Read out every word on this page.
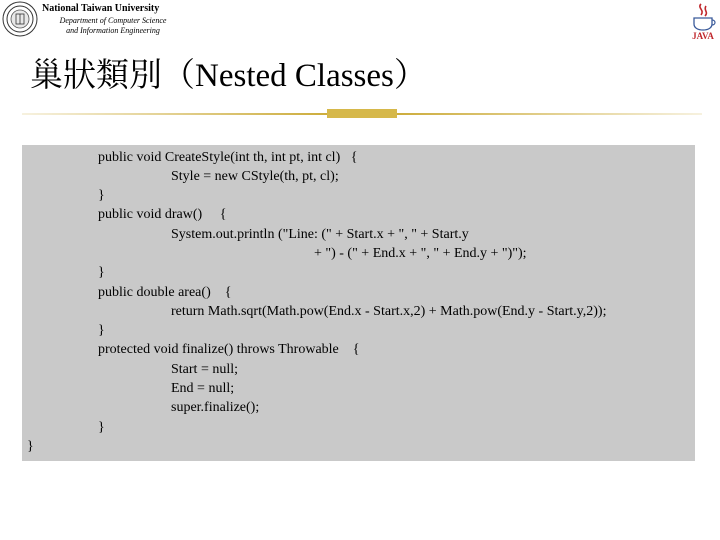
National Taiwan University
Department of Computer Science
and Information Engineering
JAVA
巢狀類別（Nested Classes）
public void CreateStyle(int th, int pt, int cl)   {
Style = new CStyle(th, pt, cl);
}
public void draw()     {
System.out.println ("Line: (" + Start.x + ", " + Start.y
+ ") - (" + End.x + ", " + End.y + ")");
}
public double area()    {
return Math.sqrt(Math.pow(End.x - Start.x,2) + Math.pow(End.y - Start.y,2));
}
protected void finalize() throws Throwable    {
Start = null;
End = null;
super.finalize();
}
}
